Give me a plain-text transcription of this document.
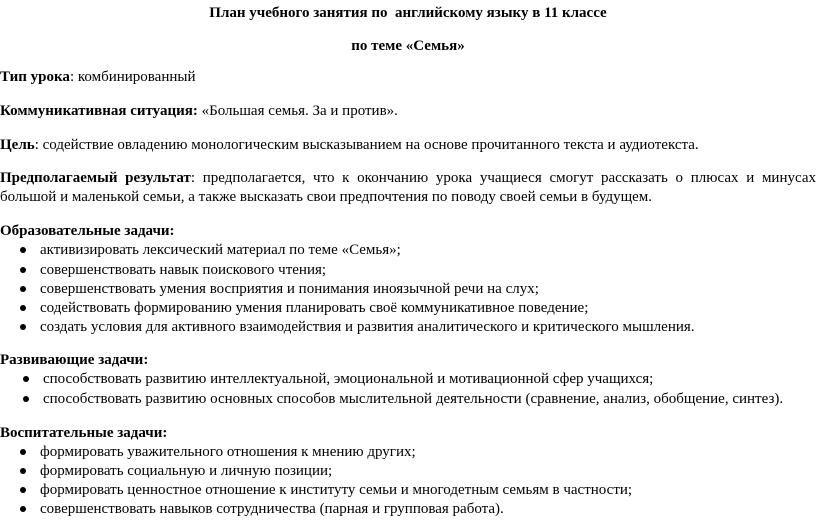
План учебного занятия по  английскому языку в 11 классе
по теме «Семья»
Тип урока: комбинированный
Коммуникативная ситуация: «Большая семья. За и против».
Цель: содействие овладению монологическим высказыванием на основе прочитанного текста и аудиотекста.
Предполагаемый результат: предполагается, что к окончанию урока учащиеся смогут рассказать о плюсах и минусах
большой и маленькой семьи, а также высказать свои предпочтения по поводу своей семьи в будущем.
Образовательные задачи:
активизировать лексический материал по теме «Семья»;
совершенствовать навык поискового чтения;
совершенствовать умения восприятия и понимания иноязычной речи на слух;
содействовать формированию умения планировать своё коммуникативное поведение;
создать условия для активного взаимодействия и развития аналитического и критического мышления.
Развивающие задачи:
способствовать развитию интеллектуальной, эмоциональной и мотивационной сфер учащихся;
способствовать развитию основных способов мыслительной деятельности (сравнение, анализ, обобщение, синтез).
Воспитательные задачи:
формировать уважительного отношения к мнению других;
формировать социальную и личную позиции;
формировать ценностное отношение к институту семьи и многодетным семьям в частности;
совершенствовать навыков сотрудничества (парная и групповая работа).
